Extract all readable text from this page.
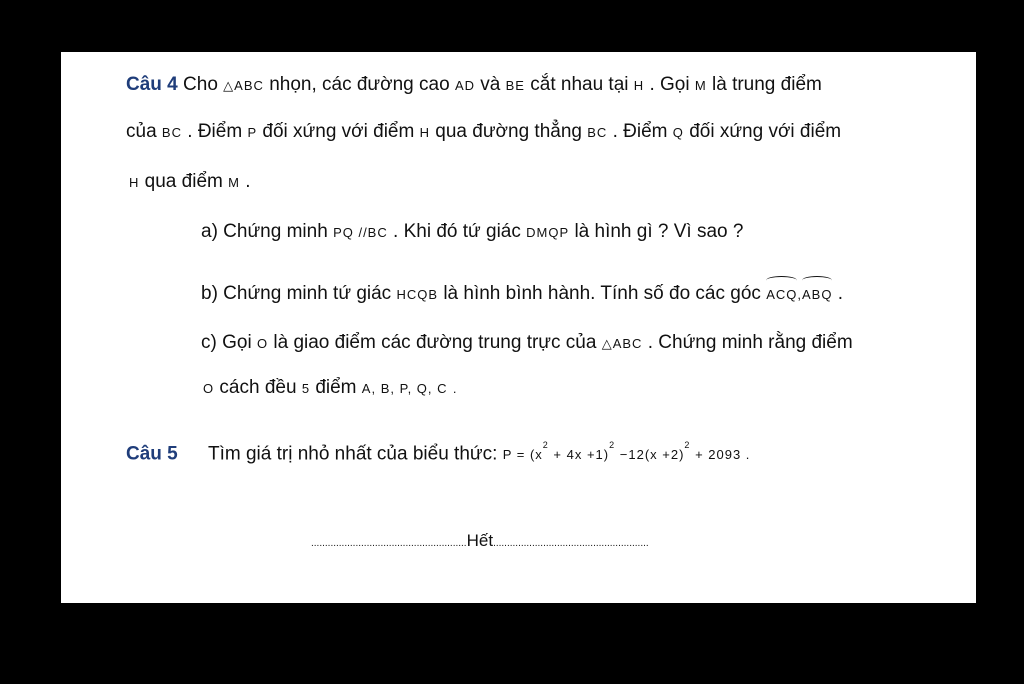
Câu 4 Cho △ABC nhọn, các đường cao AD và BE cắt nhau tại H . Gọi M là trung điểm
của BC . Điểm P đối xứng với điểm H qua đường thẳng BC . Điểm Q đối xứng với điểm
H qua điểm M .
a) Chứng minh PQ //BC . Khi đó tứ giác DMQP là hình gì ? Vì sao ?
b) Chứng minh tứ giác HCQB là hình bình hành. Tính số đo các góc ACQ,ABQ .
c) Gọi O là giao điểm các đường trung trực của △ABC . Chứng minh rằng điểm
O cách đều 5 điểm A, B, P, Q, C .
Câu 5 Tìm giá trị nhỏ nhất của biểu thức: $P = (x^2 + 4x +1)^2 -12(x +2)^2 + 2093$ .
........................................................Hết........................................................
